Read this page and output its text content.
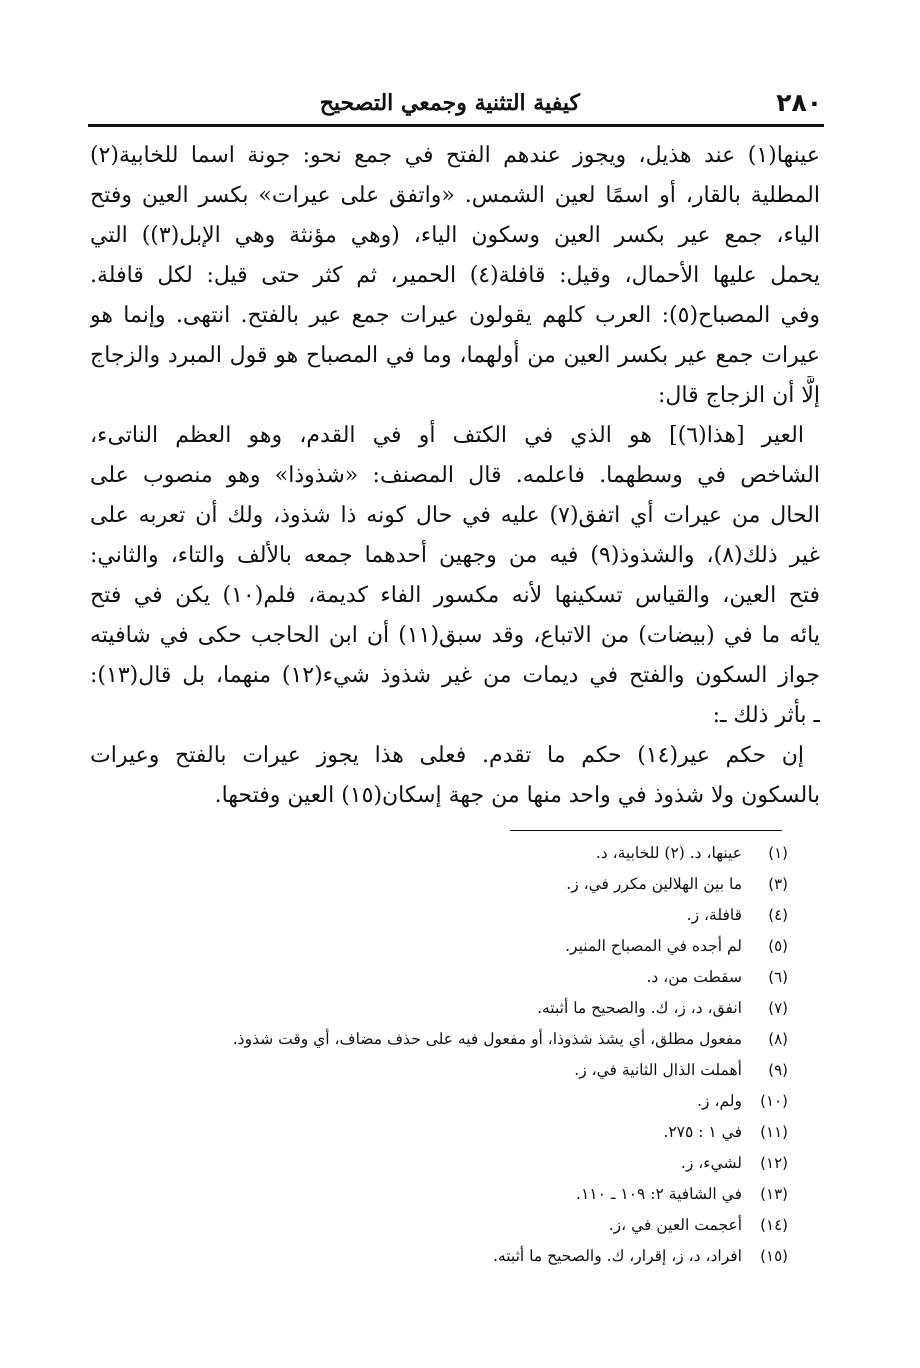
٢٨٠
كيفية التثنية وجمعي التصحيح
عينها(١) عند هذيل، ويجوز عندهم الفتح في جمع نحو: جونة اسما للخابية(٢)
المطلية بالقار، أو اسمًا لعين الشمس. «واتفق على عيرات» بكسر العين وفتح
الياء، جمع عير بكسر العين وسكون الياء، (وهي مؤنثة وهي الإبل(٣)) التي
يحمل عليها الأحمال، وقيل: قافلة(٤) الحمير، ثم كثر حتى قيل: لكل قافلة.
وفي المصباح(٥): العرب كلهم يقولون عيرات جمع عير بالفتح. انتهى. وإنما هو
عيرات جمع عير بكسر العين من أولهما، وما في المصباح هو قول المبرد والزجاج
إلَّا أن الزجاج قال:
العير [هذا(٦)] هو الذي في الكتف أو في القدم، وهو العظم الناتىء،
الشاخص في وسطهما. فاعلمه. قال المصنف: «شذوذا» وهو منصوب على
الحال من عيرات أي اتفق(٧) عليه في حال كونه ذا شذوذ، ولك أن تعربه على
غير ذلك(٨)، والشذوذ(٩) فيه من وجهين أحدهما جمعه بالألف والتاء، والثاني:
فتح العين، والقياس تسكينها لأنه مكسور الفاء كديمة، فلم(١٠) يكن في فتح
يائه ما في (بيضات) من الاتباع، وقد سبق(١١) أن ابن الحاجب حكى في شافيته
جواز السكون والفتح في ديمات من غير شذوذ شيء(١٢) منهما، بل قال(١٣):
ـ بأثر ذلك ـ:
إن حكم عير(١٤) حكم ما تقدم. فعلى هذا يجوز عيرات بالفتح وعيرات
بالسكون ولا شذوذ في واحد منها من جهة إسكان(١٥) العين وفتحها.
(١)
عينها، د. (٢) للخابية، د.
(٣)
ما بين الهلالين مكرر في، ز.
(٤)
قافلة، ز.
(٥)
لم أجده في المصباح المنير.
(٦)
سقطت من، د.
(٧)
انفق، د، ز، ك. والصحيح ما أثبته.
(٨)
مفعول مطلق، أي يشذ شذوذا، أو مفعول فيه على حذف مضاف، أي وقت شذوذ.
(٩)
أهملت الذال الثانية في، ز.
(١٠)
ولم، ز.
(١١)
في ١ : ٢٧٥.
(١٢)
لشيء، ز.
(١٣)
في الشافية ٢: ١٠٩ ـ ١١٠.
(١٤)
أعجمت العين في ،ز.
(١٥)
افراد، د، ز، إقرار، ك. والصحيح ما أثبته.
